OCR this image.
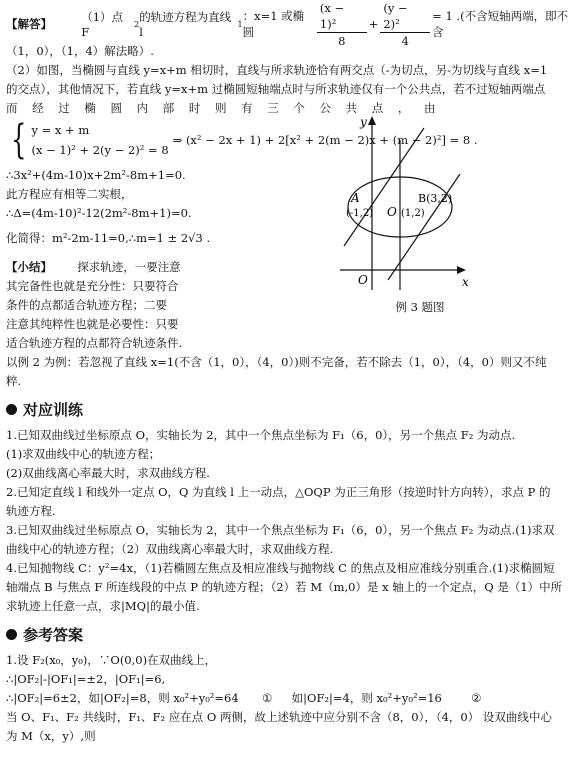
【解答】	（1）点 F
2 的轨迹方程为直线 l
1
：x=1 或椭圆	$\frac{\text{(x − 1)²}}{8} + \frac{\text{(y − 2)²}}{4} = 1$ .(不含短轴两端，即不含

（1，0），（1，4）解法略）.

（2）如图，当椭圆与直线 y=x+m 相切时，直线与所求轨迹恰有两交点（-为切点，另-为切线与直线 x=1

的交点），其他情况下，若直线 y=x+m 过椭圆短轴端点时与所求轨迹仅有一个公共点，若不过短轴两端点

而    经    过    椭    圆    内    部    时    则    有    三    个    公    共    点    ，    由

{ y = x + m
(x − 1)² + 2(y − 2)² = 8
⇒ (x² − 2x + 1) + 2[x² + 2(m − 2)x + (m − 2)²] = 8 .

∴3x²+(4m-10)x+2m²-8m+1=0.

此方程应有相等二实根，

∴Δ=(4m-10)²-12(2m²-8m+1)=0.

化简得：m²-2m-11=0,∴m=1 ± 2√3 .

【小结】 探求轨迹，一要注意

其完备性也就是充分性：只要符合

条件的点都适合轨迹方程；二要

注意其纯粹性也就是必要性：只要

适合轨迹方程的点都符合轨迹条件.

y
x
O
O
A	B(3,2)
(-1,2)	(1,2)
例 3 题图

以例 2 为例：若忽视了直线 x=1(不含（1，0），（4，0）)则不完备，若不除去（1，0），（4，0）则又不纯

粹.

对应训练

1.已知双曲线过坐标原点 O，实轴长为 2，其中一个焦点坐标为 F₁（6，0），另一个焦点 F₂ 为动点.

(1)求双曲线中心的轨迹方程；

(2)双曲线离心率最大时，求双曲线方程.

2.已知定直线 l 和线外一定点 O，Q 为直线 l 上一动点，△OQP 为正三角形（按逆时针方向转），求点 P 的

轨迹方程.

3.已知双曲线过坐标原点 O，实轴长为 2，其中一个焦点坐标为 F₁（6，0），另一个焦点 F₂ 为动点.(1)求双

曲线中心的轨迹方程；（2）双曲线离心率最大时，求双曲线方程.

4.已知抛物线 C：y²=4x，（1)若椭圆左焦点及相应准线与抛物线 C 的焦点及相应准线分别重合.(1)求椭圆短

轴端点 B 与焦点 F 所连线段的中点 P 的轨迹方程；（2）若 M（m,0）是 x 轴上的一个定点，Q 是（1）中所

求轨迹上任意一点，求|MQ|的最小值.

参考答案

1.设 F₂(x₀，y₀)，∵O(0,0)在双曲线上，

∴|OF₂|-|OF₁|=±2，|OF₁|=6,

∴|OF₂|=6±2，如|OF₂|=8，则 x₀²+y₀²=64 ① 如|OF₂|=4，则 x₀²+y₀²=16	②

当 O、F₁、F₂ 共线时，F₁、F₂ 应在点 O 两侧，故上述轨迹中应分别不含（8，0），（4，0） 设双曲线中心

为 M（x，y）,则
